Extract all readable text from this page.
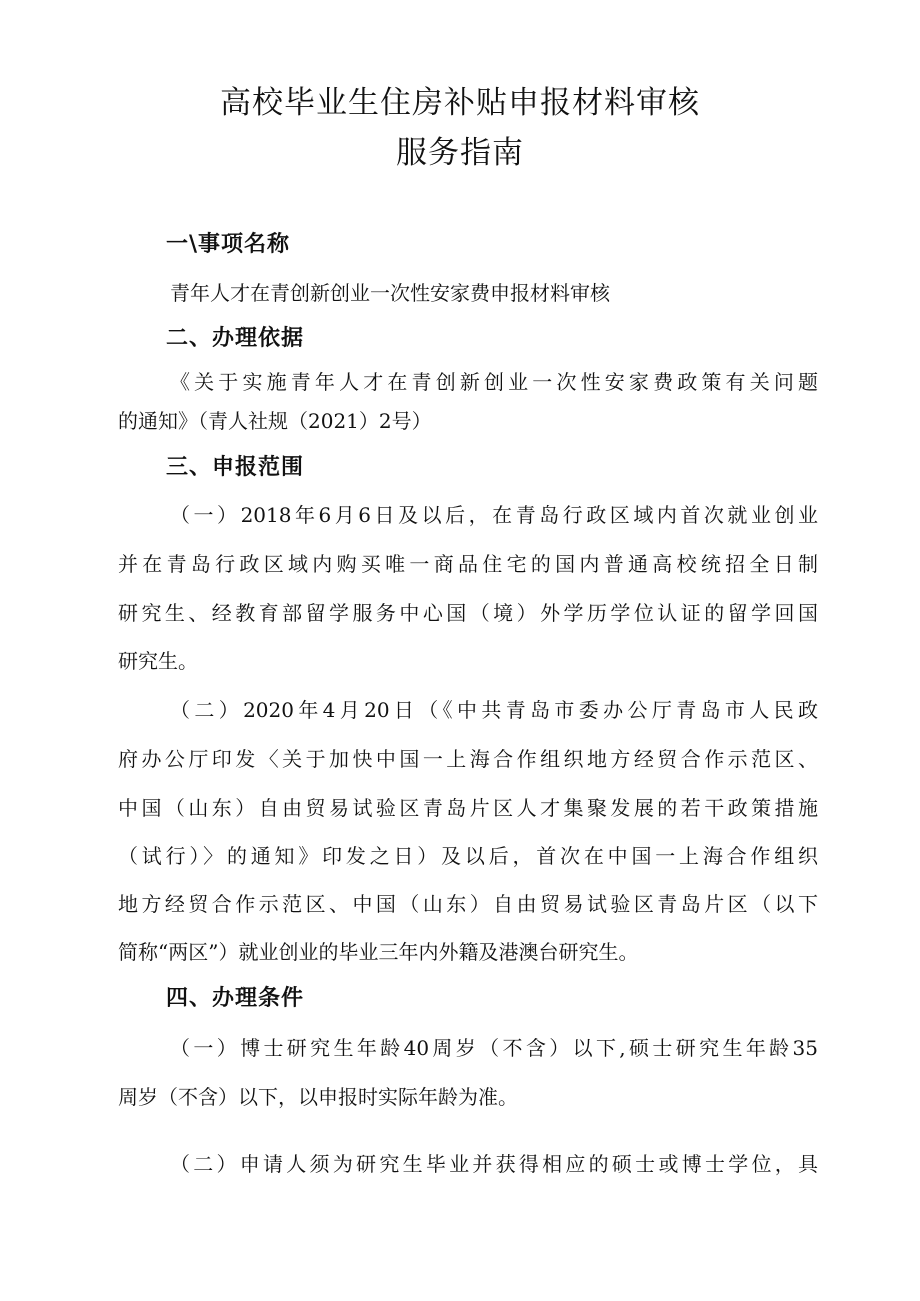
高校毕业生住房补贴申报材料审核
服务指南
一\事项名称
青年人才在青创新创业一次性安家费申报材料审核
二、办理依据
《关于实施青年人才在青创新创业一次性安家费政策有关问题
的通知》（青人社规（2021）2号）
三、申报范围
（一）2018年6月6日及以后，在青岛行政区域内首次就业创业
并在青岛行政区域内购买唯一商品住宅的国内普通高校统招全日制
研究生、经教育部留学服务中心国（境）外学历学位认证的留学回国
研究生。
（二）2020年4月20日（《中共青岛市委办公厅青岛市人民政
府办公厅印发〈关于加快中国一上海合作组织地方经贸合作示范区、
中国（山东）自由贸易试验区青岛片区人才集聚发展的若干政策措施
（试行）〉的通知》印发之日）及以后，首次在中国一上海合作组织
地方经贸合作示范区、中国（山东）自由贸易试验区青岛片区（以下
简称“两区”）就业创业的毕业三年内外籍及港澳台研究生。
四、办理条件
（一）博士研究生年龄40周岁（不含）以下,硕士研究生年龄35
周岁（不含）以下，以申报时实际年龄为准。
（二）申请人须为研究生毕业并获得相应的硕士或博士学位，具
